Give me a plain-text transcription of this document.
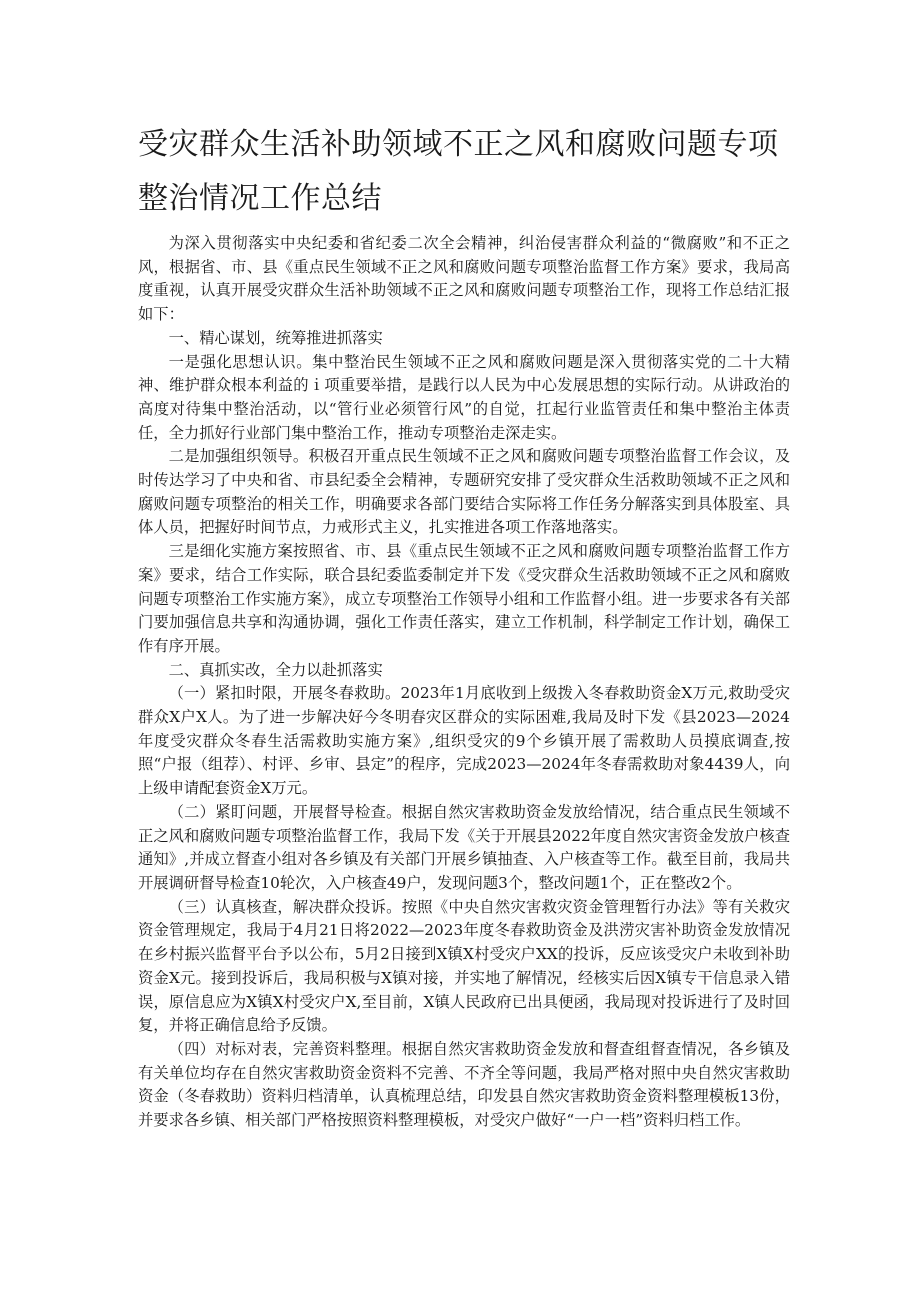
受灾群众生活补助领域不正之风和腐败问题专项整治情况工作总结

为深入贯彻落实中央纪委和省纪委二次全会精神，纠治侵害群众利益的“微腐败”和不正之风，根据省、市、县《重点民生领域不正之风和腐败问题专项整治监督工作方案》要求，我局高度重视，认真开展受灾群众生活补助领域不正之风和腐败问题专项整治工作，现将工作总结汇报如下：

一、精心谋划，统筹推进抓落实

一是强化思想认识。集中整治民生领域不正之风和腐败问题是深入贯彻落实党的二十大精神、维护群众根本利益的ｉ项重要举措，是践行以人民为中心发展思想的实际行动。从讲政治的高度对待集中整治活动，以“管行业必须管行风”的自觉，扛起行业监管责任和集中整治主体责任，全力抓好行业部门集中整治工作，推动专项整治走深走实。

二是加强组织领导。积极召开重点民生领域不正之风和腐败问题专项整治监督工作会议，及时传达学习了中央和省、市县纪委全会精神，专题研究安排了受灾群众生活救助领域不正之风和腐败问题专项整治的相关工作，明确要求各部门要结合实际将工作任务分解落实到具体股室、具体人员，把握好时间节点，力戒形式主义，扎实推进各项工作落地落实。

三是细化实施方案按照省、市、县《重点民生领域不正之风和腐败问题专项整治监督工作方案》要求，结合工作实际，联合县纪委监委制定并下发《受灾群众生活救助领域不正之风和腐败问题专项整治工作实施方案》，成立专项整治工作领导小组和工作监督小组。进一步要求各有关部门要加强信息共享和沟通协调，强化工作责任落实，建立工作机制，科学制定工作计划，确保工作有序开展。

二、真抓实改，全力以赴抓落实

（一）紧扣时限，开展冬春救助。2023年1月底收到上级拨入冬春救助资金X万元,救助受灾群众X户X人。为了进一步解决好今冬明春灾区群众的实际困难,我局及时下发《县2023—2024年度受灾群众冬春生活需救助实施方案》,组织受灾的9个乡镇开展了需救助人员摸底调查,按照“户报（组荐）、村评、乡审、县定”的程序，完成2023—2024年冬春需救助对象4439人，向上级申请配套资金X万元。

（二）紧盯问题，开展督导检查。根据自然灾害救助资金发放给情况，结合重点民生领域不正之风和腐败问题专项整治监督工作，我局下发《关于开展县2022年度自然灾害资金发放户核查通知》,并成立督查小组对各乡镇及有关部门开展乡镇抽查、入户核查等工作。截至目前，我局共开展调研督导检查10轮次，入户核查49户，发现问题3个，整改问题1个，正在整改2个。

（三）认真核查，解决群众投诉。按照《中央自然灾害救灾资金管理暂行办法》等有关救灾资金管理规定，我局于4月21日将2022—2023年度冬春救助资金及洪涝灾害补助资金发放情况在乡村振兴监督平台予以公布，5月2日接到X镇X村受灾户XX的投诉，反应该受灾户未收到补助资金X元。接到投诉后，我局积极与X镇对接，并实地了解情况，经核实后因X镇专干信息录入错误，原信息应为X镇X村受灾户X,至目前，X镇人民政府已出具便函，我局现对投诉进行了及时回复，并将正确信息给予反馈。

（四）对标对表，完善资料整理。根据自然灾害救助资金发放和督查组督查情况，各乡镇及有关单位均存在自然灾害救助资金资料不完善、不齐全等问题，我局严格对照中央自然灾害救助资金（冬春救助）资料归档清单，认真梳理总结，印发县自然灾害救助资金资料整理模板13份，并要求各乡镇、相关部门严格按照资料整理模板，对受灾户做好“一户一档”资料归档工作。
